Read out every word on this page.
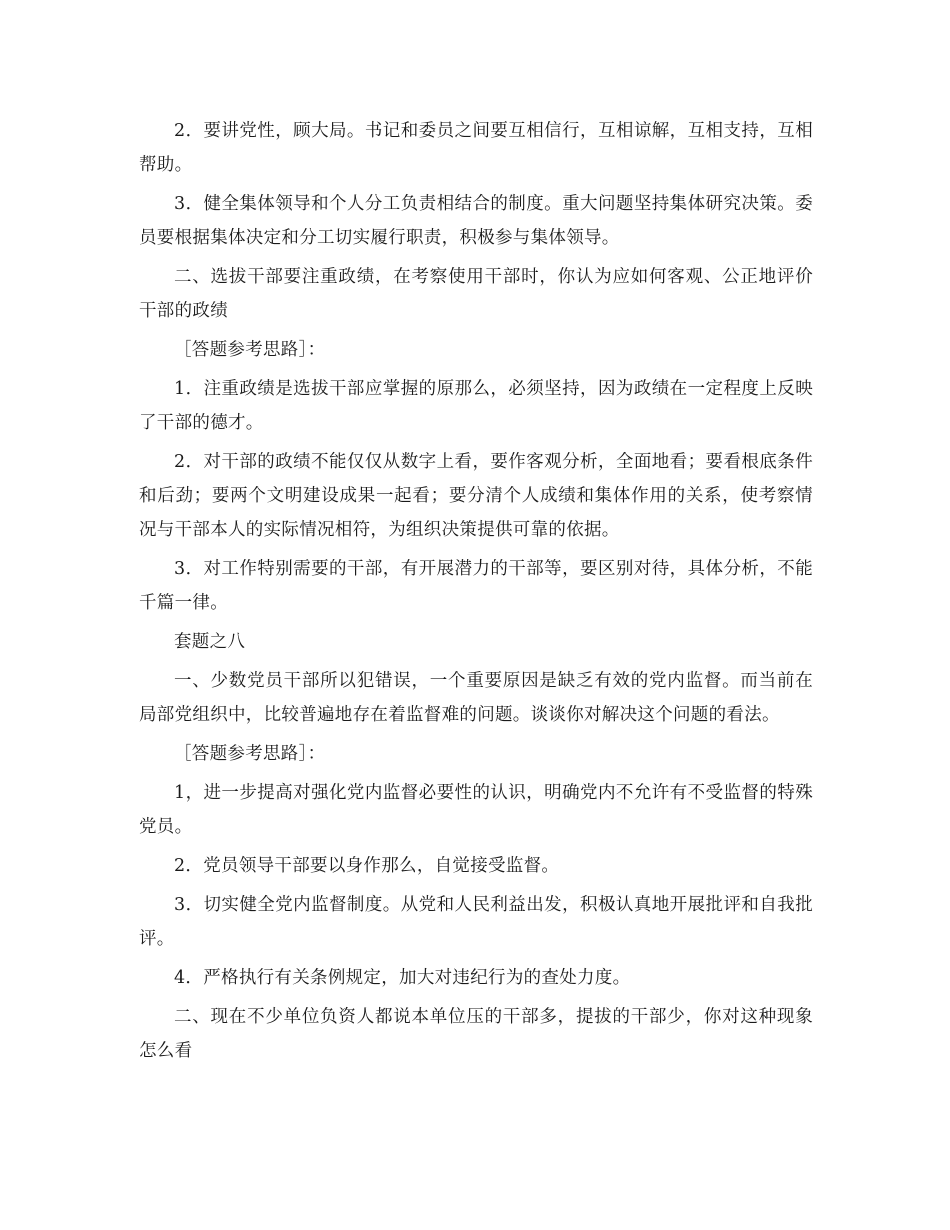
2．要讲党性，顾大局。书记和委员之间要互相信行，互相谅解，互相支持，互相帮助。

3．健全集体领导和个人分工负责相结合的制度。重大问题坚持集体研究决策。委员要根据集体决定和分工切实履行职责，积极参与集体领导。

二、选拔干部要注重政绩，在考察使用干部时，你认为应如何客观、公正地评价干部的政绩

［答题参考思路］：

1．注重政绩是选拔干部应掌握的原那么，必须坚持，因为政绩在一定程度上反映了干部的德才。

2．对干部的政绩不能仅仅从数字上看，要作客观分析，全面地看；要看根底条件和后劲；要两个文明建设成果一起看；要分清个人成绩和集体作用的关系，使考察情况与干部本人的实际情况相符，为组织决策提供可靠的依据。

3．对工作特别需要的干部，有开展潜力的干部等，要区别对待，具体分析，不能千篇一律。

套题之八

一、少数党员干部所以犯错误，一个重要原因是缺乏有效的党内监督。而当前在局部党组织中，比较普遍地存在着监督难的问题。谈谈你对解决这个问题的看法。

［答题参考思路］：

1，进一步提高对强化党内监督必要性的认识，明确党内不允许有不受监督的特殊党员。

2．党员领导干部要以身作那么，自觉接受监督。

3．切实健全党内监督制度。从党和人民利益出发，积极认真地开展批评和自我批评。

4．严格执行有关条例规定，加大对违纪行为的查处力度。

二、现在不少单位负资人都说本单位压的干部多，提拔的干部少，你对这种现象怎么看
